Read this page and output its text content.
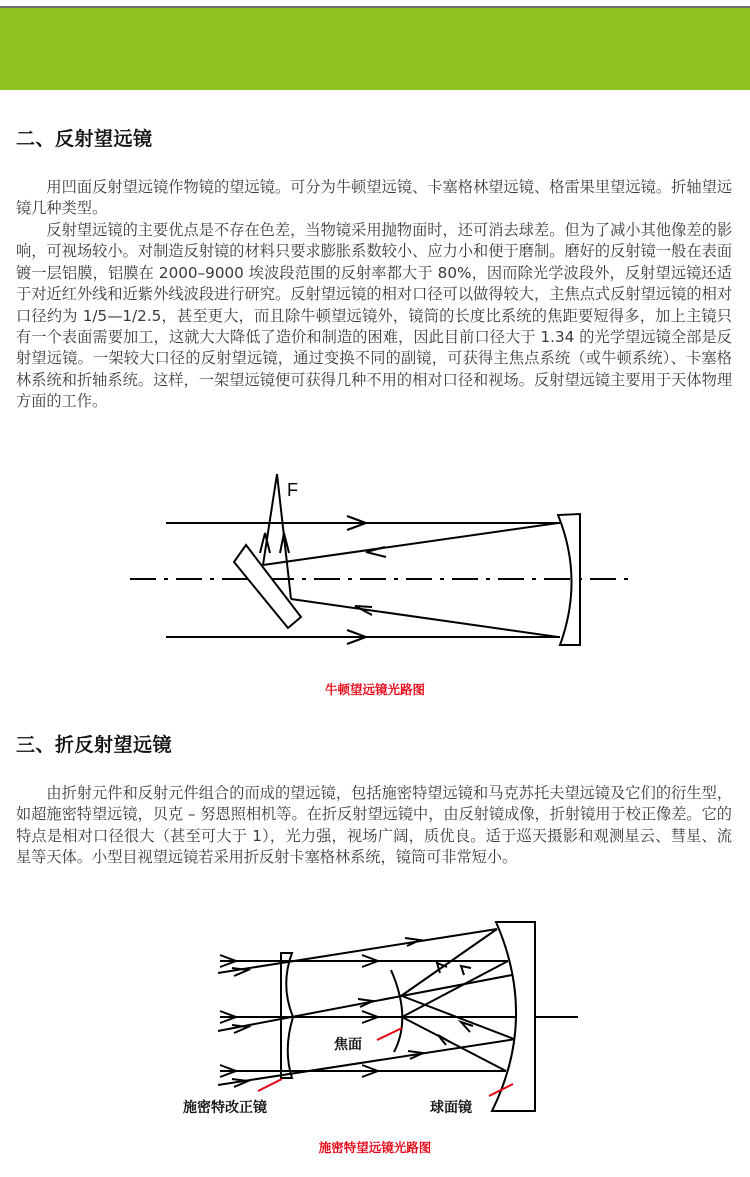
二、反射望远镜

用凹面反射望远镜作物镜的望远镜。可分为牛顿望远镜、卡塞格林望远镜、格雷果里望远镜。折轴望远镜几种类型。

反射望远镜的主要优点是不存在色差，当物镜采用抛物面时，还可消去球差。但为了减小其他像差的影响，可视场较小。对制造反射镜的材料只要求膨胀系数较小、应力小和便于磨制。磨好的反射镜一般在表面镀一层铝膜，铝膜在 2000–9000 埃波段范围的反射率都大于 80%，因而除光学波段外，反射望远镜还适于对近红外线和近紫外线波段进行研究。反射望远镜的相对口径可以做得较大，主焦点式反射望远镜的相对口径约为 1/5—1/2.5，甚至更大，而且除牛顿望远镜外，镜筒的长度比系统的焦距要短得多，加上主镜只有一个表面需要加工，这就大大降低了造价和制造的困难，因此目前口径大于 1.34 的光学望远镜全部是反射望远镜。一架较大口径的反射望远镜，通过变换不同的副镜，可获得主焦点系统（或牛顿系统）、卡塞格林系统和折轴系统。这样，一架望远镜便可获得几种不用的相对口径和视场。反射望远镜主要用于天体物理方面的工作。

F
牛顿望远镜光路图
三、折反射望远镜

由折射元件和反射元件组合的而成的望远镜，包括施密特望远镜和马克苏托夫望远镜及它们的衍生型，如超施密特望远镜，贝克 – 努恩照相机等。在折反射望远镜中，由反射镜成像，折射镜用于校正像差。它的特点是相对口径很大（甚至可大于 1），光力强，视场广阔，质优良。适于巡天摄影和观测星云、彗星、流星等天体。小型目视望远镜若采用折反射卡塞格林系统，镜筒可非常短小。

施密特改正镜
焦面
球面镜
施密特望远镜光路图
